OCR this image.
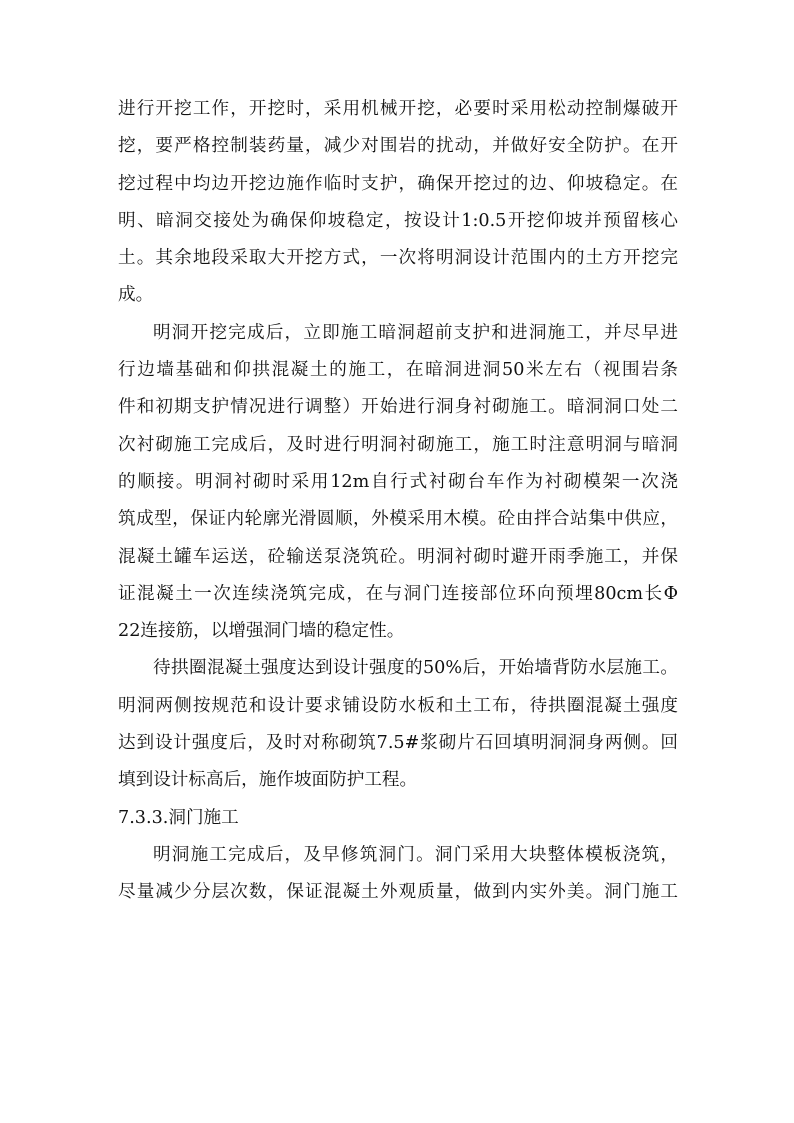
进行开挖工作，开挖时，采用机械开挖，必要时采用松动控制爆破开
挖，要严格控制装药量，减少对围岩的扰动，并做好安全防护。在开
挖过程中均边开挖边施作临时支护，确保开挖过的边、仰坡稳定。在
明、暗洞交接处为确保仰坡稳定，按设计1:0.5开挖仰坡并预留核心
土。其余地段采取大开挖方式，一次将明洞设计范围内的土方开挖完
成。
明洞开挖完成后，立即施工暗洞超前支护和进洞施工，并尽早进
行边墙基础和仰拱混凝土的施工，在暗洞进洞50米左右（视围岩条
件和初期支护情况进行调整）开始进行洞身衬砌施工。暗洞洞口处二
次衬砌施工完成后，及时进行明洞衬砌施工，施工时注意明洞与暗洞
的顺接。明洞衬砌时采用12m自行式衬砌台车作为衬砌模架一次浇
筑成型，保证内轮廓光滑圆顺，外模采用木模。砼由拌合站集中供应，
混凝土罐车运送，砼输送泵浇筑砼。明洞衬砌时避开雨季施工，并保
证混凝土一次连续浇筑完成，在与洞门连接部位环向预埋80cm长Φ
22连接筋，以增强洞门墙的稳定性。
待拱圈混凝土强度达到设计强度的50%后，开始墙背防水层施工。
明洞两侧按规范和设计要求铺设防水板和土工布，待拱圈混凝土强度
达到设计强度后，及时对称砌筑7.5#浆砌片石回填明洞洞身两侧。回
填到设计标高后，施作坡面防护工程。
7.3.3.洞门施工
明洞施工完成后，及早修筑洞门。洞门采用大块整体模板浇筑，
尽量减少分层次数，保证混凝土外观质量，做到内实外美。洞门施工
